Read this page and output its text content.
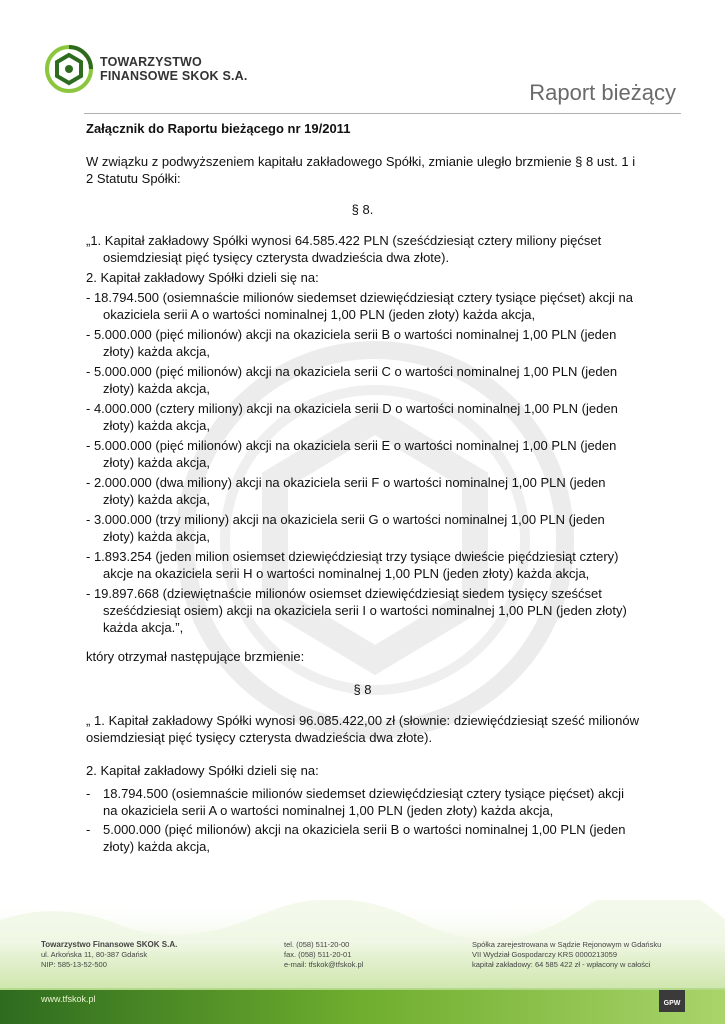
TOWARZYSTWO
FINANSOWE SKOK S.A.
Raport bieżący
Załącznik do Raportu bieżącego nr 19/2011
W związku z podwyższeniem kapitału zakładowego Spółki, zmianie uległo brzmienie § 8 ust. 1 i 2 Statutu Spółki:
§ 8.
„1. Kapitał zakładowy Spółki wynosi 64.585.422 PLN (sześćdziesiąt cztery miliony pięćset osiemdziesiąt pięć tysięcy czterysta dwadzieścia dwa złote).
2. Kapitał zakładowy Spółki dzieli się na:
- 18.794.500 (osiemnaście milionów siedemset dziewięćdziesiąt cztery tysiące pięćset) akcji na okaziciela serii A o wartości nominalnej 1,00 PLN (jeden złoty) każda akcja,
- 5.000.000 (pięć milionów) akcji na okaziciela serii B o wartości nominalnej 1,00 PLN (jeden złoty) każda akcja,
- 5.000.000 (pięć milionów) akcji na okaziciela serii C o wartości nominalnej 1,00 PLN (jeden złoty) każda akcja,
- 4.000.000 (cztery miliony) akcji na okaziciela serii D o wartości nominalnej 1,00 PLN (jeden złoty) każda akcja,
- 5.000.000 (pięć milionów) akcji na okaziciela serii E o wartości nominalnej 1,00 PLN (jeden złoty) każda akcja,
- 2.000.000 (dwa miliony) akcji na okaziciela serii F o wartości nominalnej 1,00 PLN (jeden złoty) każda akcja,
- 3.000.000 (trzy miliony) akcji na okaziciela serii G o wartości nominalnej 1,00 PLN (jeden złoty) każda akcja,
- 1.893.254 (jeden milion osiemset dziewięćdziesiąt trzy tysiące dwieście pięćdziesiąt cztery) akcje na okaziciela serii H o wartości nominalnej 1,00 PLN (jeden złoty) każda akcja,
- 19.897.668 (dziewiętnaście milionów osiemset dziewięćdziesiąt siedem tysięcy sześćset sześćdziesiąt osiem) akcji na okaziciela serii I o wartości nominalnej 1,00 PLN (jeden złoty) każda akcja.”,
który otrzymał następujące brzmienie:
§ 8
„ 1. Kapitał zakładowy Spółki wynosi 96.085.422,00 zł (słownie: dziewięćdziesiąt sześć milionów osiemdziesiąt pięć tysięcy czterysta dwadzieścia dwa złote).
2. Kapitał zakładowy Spółki dzieli się na:
- 18.794.500 (osiemnaście milionów siedemset dziewięćdziesiąt cztery tysiące pięćset) akcji na okaziciela serii A o wartości nominalnej 1,00 PLN (jeden złoty) każda akcja,
- 5.000.000 (pięć milionów) akcji na okaziciela serii B o wartości nominalnej 1,00 PLN (jeden złoty) każda akcja,
Towarzystwo Finansowe SKOK S.A.
ul. Arkońska 11, 80-387 Gdańsk
NIP: 585-13-52-500
tel. (058) 511-20-00
fax. (058) 511-20-01
e-mail: tfskok@tfskok.pl
Spółka zarejestrowana w Sądzie Rejonowym w Gdańsku
VII Wydział Gospodarczy KRS 0000213059
kapitał zakładowy: 64 585 422 zł - wpłacony w całości
www.tfskok.pl	GPW
